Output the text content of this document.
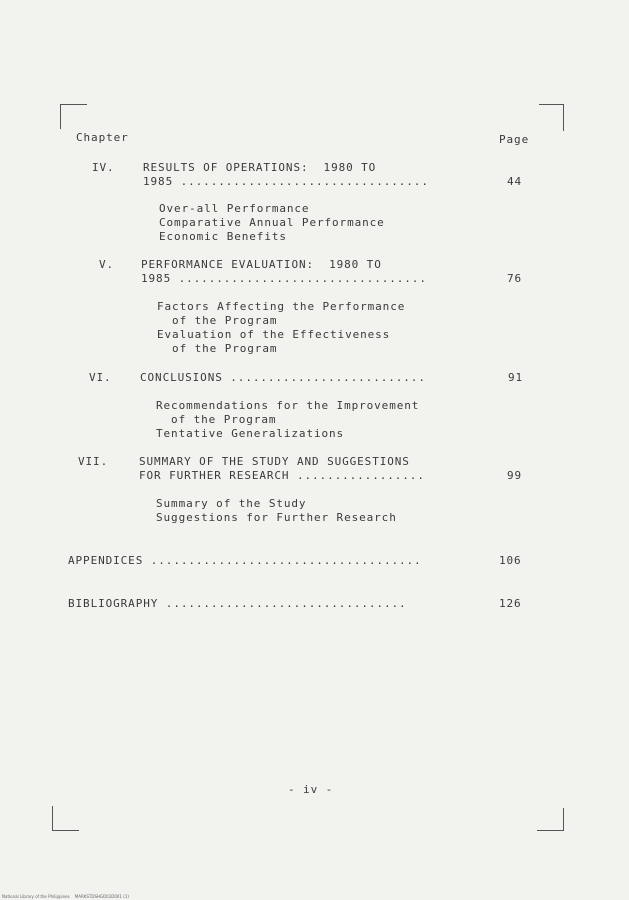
Chapter	Page
IV.	RESULTS OF OPERATIONS:  1980 TO
1985 .................................	44
Over-all Performance
Comparative Annual Performance
Economic Benefits
V. PERFORMANCE EVALUATION:  1980 TO
1985 .................................	76
Factors Affecting the Performance
of the Program
Evaluation of the Effectiveness
of the Program
VI.	CONCLUSIONS ..........................	91
Recommendations for the Improvement
of the Program
Tentative Generalizations
VII.	SUMMARY OF THE STUDY AND SUGGESTIONS
FOR FURTHER RESEARCH .................	99
Summary of the Study
Suggestions for Further Research
APPENDICES ....................................	106
BIBLIOGRAPHY ................................	126
- iv -
National Library of the Philippines    MARKSTDSHGD01D001 (1)
